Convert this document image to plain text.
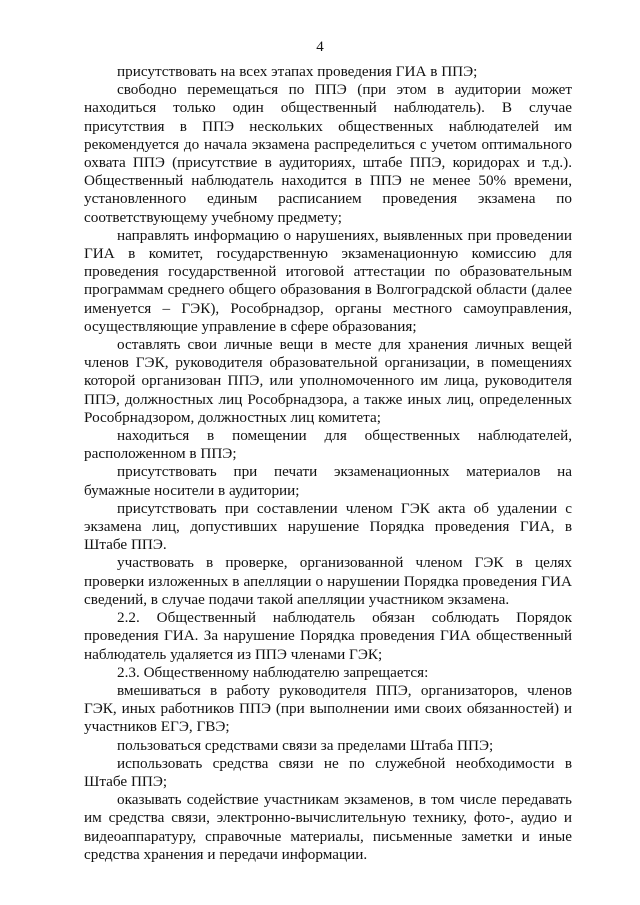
4

присутствовать на всех этапах проведения ГИА в ППЭ;

свободно перемещаться по ППЭ (при этом в аудитории может находиться только один общественный наблюдатель). В случае присутствия в ППЭ нескольких общественных наблюдателей им рекомендуется до начала экзамена распределиться с учетом оптимального охвата ППЭ (присутствие в аудиториях, штабе ППЭ, коридорах и т.д.). Общественный наблюдатель находится в ППЭ не менее 50% времени, установленного единым расписанием проведения экзамена по соответствующему учебному предмету;

направлять информацию о нарушениях, выявленных при проведении ГИА в комитет, государственную экзаменационную комиссию для проведения государственной итоговой аттестации по образовательным программам среднего общего образования в Волгоградской области (далее именуется – ГЭК), Рособрнадзор, органы местного самоуправления, осуществляющие управление в сфере образования;

оставлять свои личные вещи в месте для хранения личных вещей членов ГЭК, руководителя образовательной организации, в помещениях которой организован ППЭ, или уполномоченного им лица, руководителя ППЭ, должностных лиц Рособрнадзора, а также иных лиц, определенных Рособрнадзором, должностных лиц комитета;

находиться в помещении для общественных наблюдателей, расположенном в ППЭ;

присутствовать при печати экзаменационных материалов на бумажные носители в аудитории;

присутствовать при составлении членом ГЭК акта об удалении с экзамена лиц, допустивших нарушение Порядка проведения ГИА, в Штабе ППЭ.

участвовать в проверке, организованной членом ГЭК в целях проверки изложенных в апелляции о нарушении Порядка проведения ГИА сведений, в случае подачи такой апелляции участником экзамена.

2.2. Общественный наблюдатель обязан соблюдать Порядок проведения ГИА. За нарушение Порядка проведения ГИА общественный наблюдатель удаляется из ППЭ членами ГЭК;

2.3. Общественному наблюдателю запрещается:

вмешиваться в работу руководителя ППЭ, организаторов, членов ГЭК, иных работников ППЭ (при выполнении ими своих обязанностей) и участников ЕГЭ, ГВЭ;

пользоваться средствами связи за пределами Штаба ППЭ;

использовать средства связи не по служебной необходимости в Штабе ППЭ;

оказывать содействие участникам экзаменов, в том числе передавать им средства связи, электронно-вычислительную технику, фото-, аудио и видеоаппаратуру, справочные материалы, письменные заметки и иные средства хранения и передачи информации.
